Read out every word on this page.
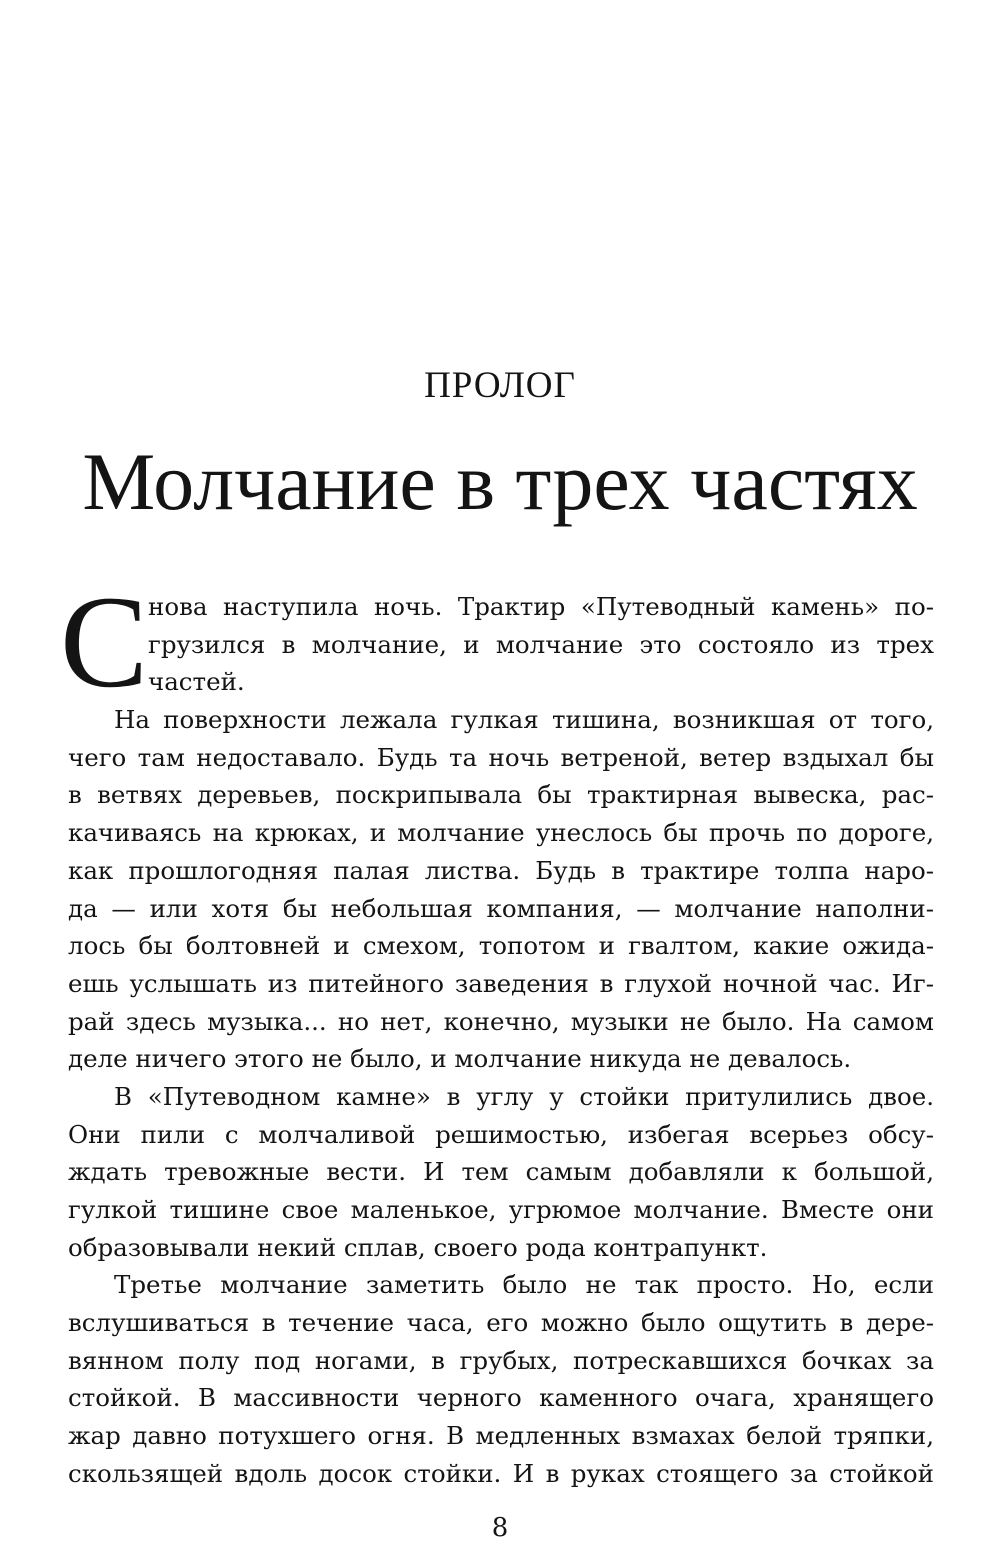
ПРОЛОГ
Молчание в трех частях
С нова наступила ночь. Трактир «Путеводный камень» по-
грузился в молчание, и молчание это состояло из трех
частей.
На поверхности лежала гулкая тишина, возникшая от того,
чего там недоставало. Будь та ночь ветреной, ветер вздыхал бы
в ветвях деревьев, поскрипывала бы трактирная вывеска, рас-
качиваясь на крюках, и молчание унеслось бы прочь по дороге,
как прошлогодняя палая листва. Будь в трактире толпа наро-
да — или хотя бы небольшая компания, — молчание наполни-
лось бы болтовней и смехом, топотом и гвалтом, какие ожида-
ешь услышать из питейного заведения в глухой ночной час. Иг-
рай здесь музыка... но нет, конечно, музыки не было. На самом
деле ничего этого не было, и молчание никуда не девалось.
В «Путеводном камне» в углу у стойки притулились двое.
Они пили с молчаливой решимостью, избегая всерьез обсу-
ждать тревожные вести. И тем самым добавляли к большой,
гулкой тишине свое маленькое, угрюмое молчание. Вместе они
образовывали некий сплав, своего рода контрапункт.
Третье молчание заметить было не так просто. Но, если
вслушиваться в течение часа, его можно было ощутить в дере-
вянном полу под ногами, в грубых, потрескавшихся бочках за
стойкой. В массивности черного каменного очага, хранящего
жар давно потухшего огня. В медленных взмахах белой тряпки,
скользящей вдоль досок стойки. И в руках стоящего за стойкой
8
